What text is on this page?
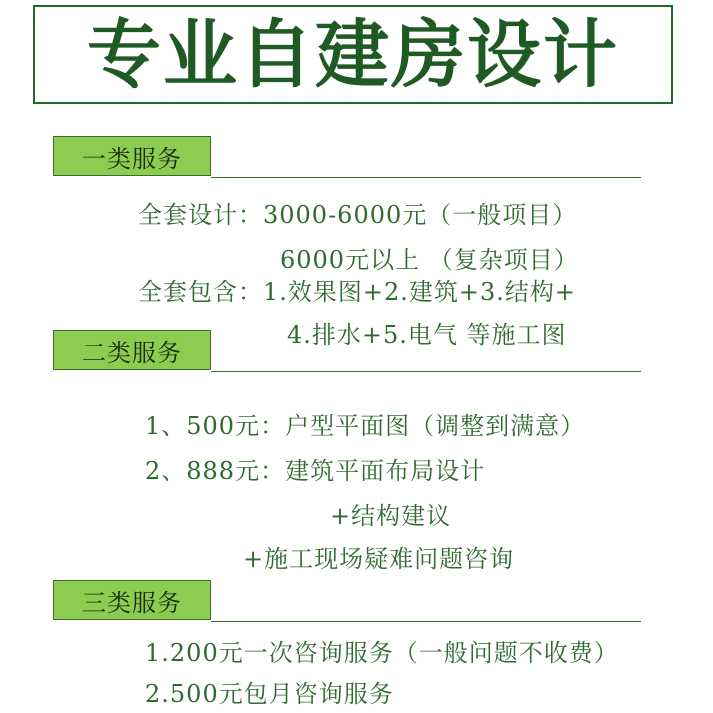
专业自建房设计
一类服务
全套设计：3000-6000元（一般项目）
6000元以上 （复杂项目）
全套包含：1.效果图+2.建筑+3.结构+
4.排水+5.电气 等施工图
二类服务
1、500元：户型平面图（调整到满意）
2、888元：建筑平面布局设计
+结构建议
+施工现场疑难问题咨询
三类服务
1.200元一次咨询服务（一般问题不收费）
2.500元包月咨询服务
